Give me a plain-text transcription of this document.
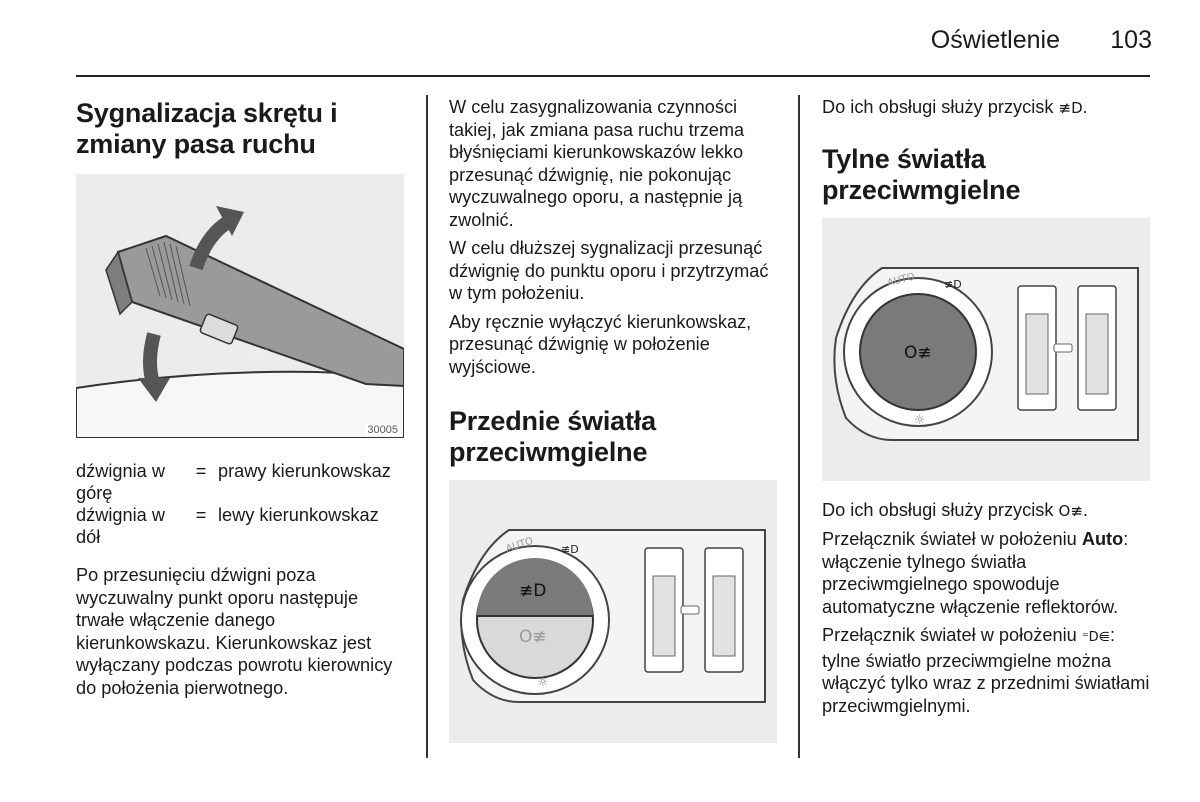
Oświetlenie	103
Sygnalizacja skrętu i zmiany pasa ruchu
⇦⇨
30005
dźwignia w górę	=	prawy kierunkowskaz
dźwignia w dół	=	lewy kierunkowskaz

Po przesunięciu dźwigni poza wyczuwalny punkt oporu następuje trwałe włączenie danego kierunkowskazu. Kierunkowskaz jest wyłączany podczas powrotu kierownicy do położenia pierwotnego.

W celu zasygnalizowania czynności takiej, jak zmiana pasa ruchu trzema błyśnięciami kierunkowskazów lekko przesunąć dźwignię, nie pokonując wyczuwalnego oporu, a następnie ją zwolnić.

W celu dłuższej sygnalizacji przesunąć dźwignię do punktu oporu i przytrzymać w tym położeniu.

Aby ręcznie wyłączyć kierunkowskaz, przesunąć dźwignię w położenie wyjściowe.

Przednie światła przeciwmgielne
≢D
O≢
AUTO ≢D
☼

Do ich obsługi służy przycisk ≢D.

Tylne światła przeciwmgielne
O≢
AUTO	≢D
☼

Do ich obsługi służy przycisk O≢.

Przełącznik świateł w położeniu Auto: włączenie tylnego światła przeciwmgielnego spowoduje automatyczne włączenie reflektorów.

Przełącznik świateł w położeniu ⁼D⋹: tylne światło przeciwmgielne można włączyć tylko wraz z przednimi światłami przeciwmgielnymi.
